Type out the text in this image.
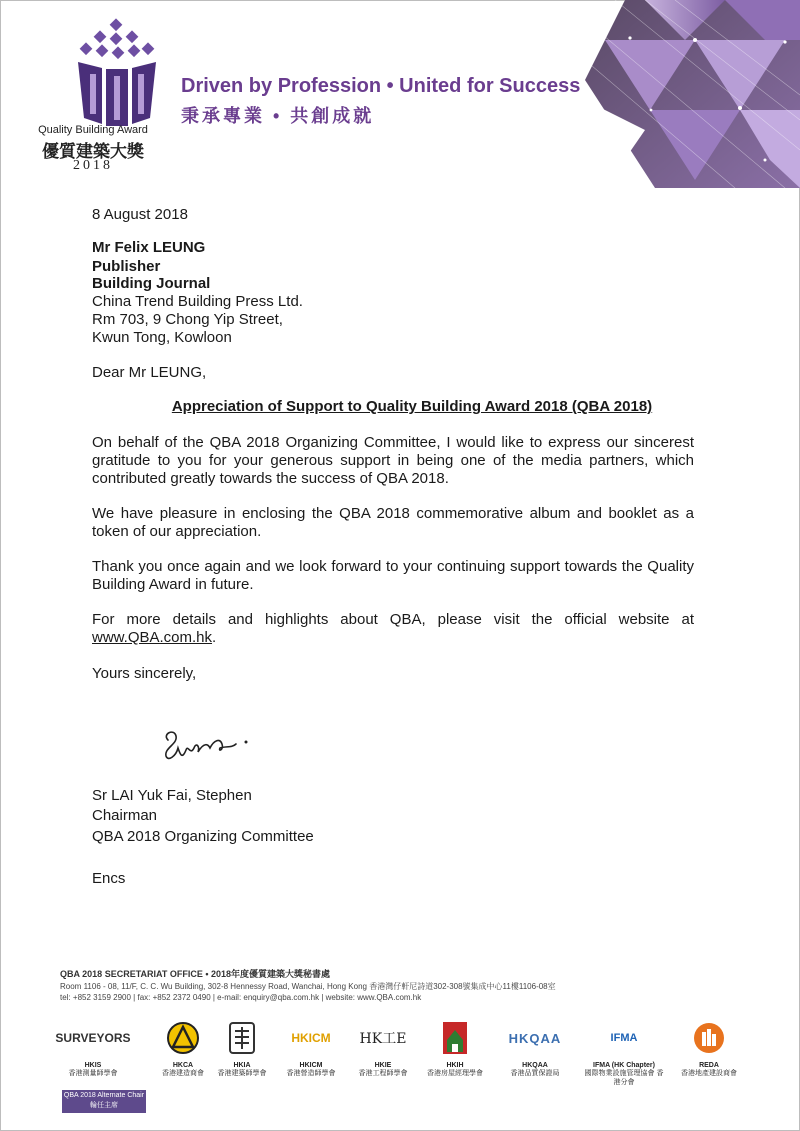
Quality Building Award
優質建築大獎
2018
Driven by Profession • United for Success
秉承專業 • 共創成就
8 August 2018
Mr Felix LEUNG
Publisher
Building Journal
China Trend Building Press Ltd.
Rm 703, 9 Chong Yip Street,
Kwun Tong, Kowloon
Dear Mr LEUNG,
Appreciation of Support to Quality Building Award 2018 (QBA 2018)
On behalf of the QBA 2018 Organizing Committee, I would like to express our sincerest gratitude to you for your generous support in being one of the media partners, which contributed greatly towards the success of QBA 2018.
We have pleasure in enclosing the QBA 2018 commemorative album and booklet as a token of our appreciation.
Thank you once again and we look forward to your continuing support towards the Quality Building Award in future.
For more details and highlights about QBA, please visit the official website at www.QBA.com.hk.
Yours sincerely,
Sr LAI Yuk Fai, Stephen
Chairman
QBA 2018 Organizing Committee
Encs
QBA 2018 SECRETARIAT OFFICE • 2018年度優質建築大獎秘書處
Room 1106 - 08, 11/F, C. C. Wu Building, 302-8 Hennessy Road, Wanchai, Hong Kong 香港灣仔軒尼詩道302-308號集成中心11樓1106-08室
tel: +852 3159 2900 | fax: +852 2372 0490 | e-mail: enquiry@qba.com.hk | website: www.QBA.com.hk
SURVEYORS
HKIS
香港測量師學會
HKCA
香港建造商會
HKIA
香港建築師學會
HKICM
HKICM
香港營造師學會
HK工E
HKIE
香港工程師學會
HKIH
香港房屋經理學會
HKQAA
HKQAA
香港品質保證局
IFMA
IFMA (HK Chapter)
國際物業設施管理協會 香港分會
REDA
香港地產建設商會
QBA 2018 Alternate Chair
輪任主席
